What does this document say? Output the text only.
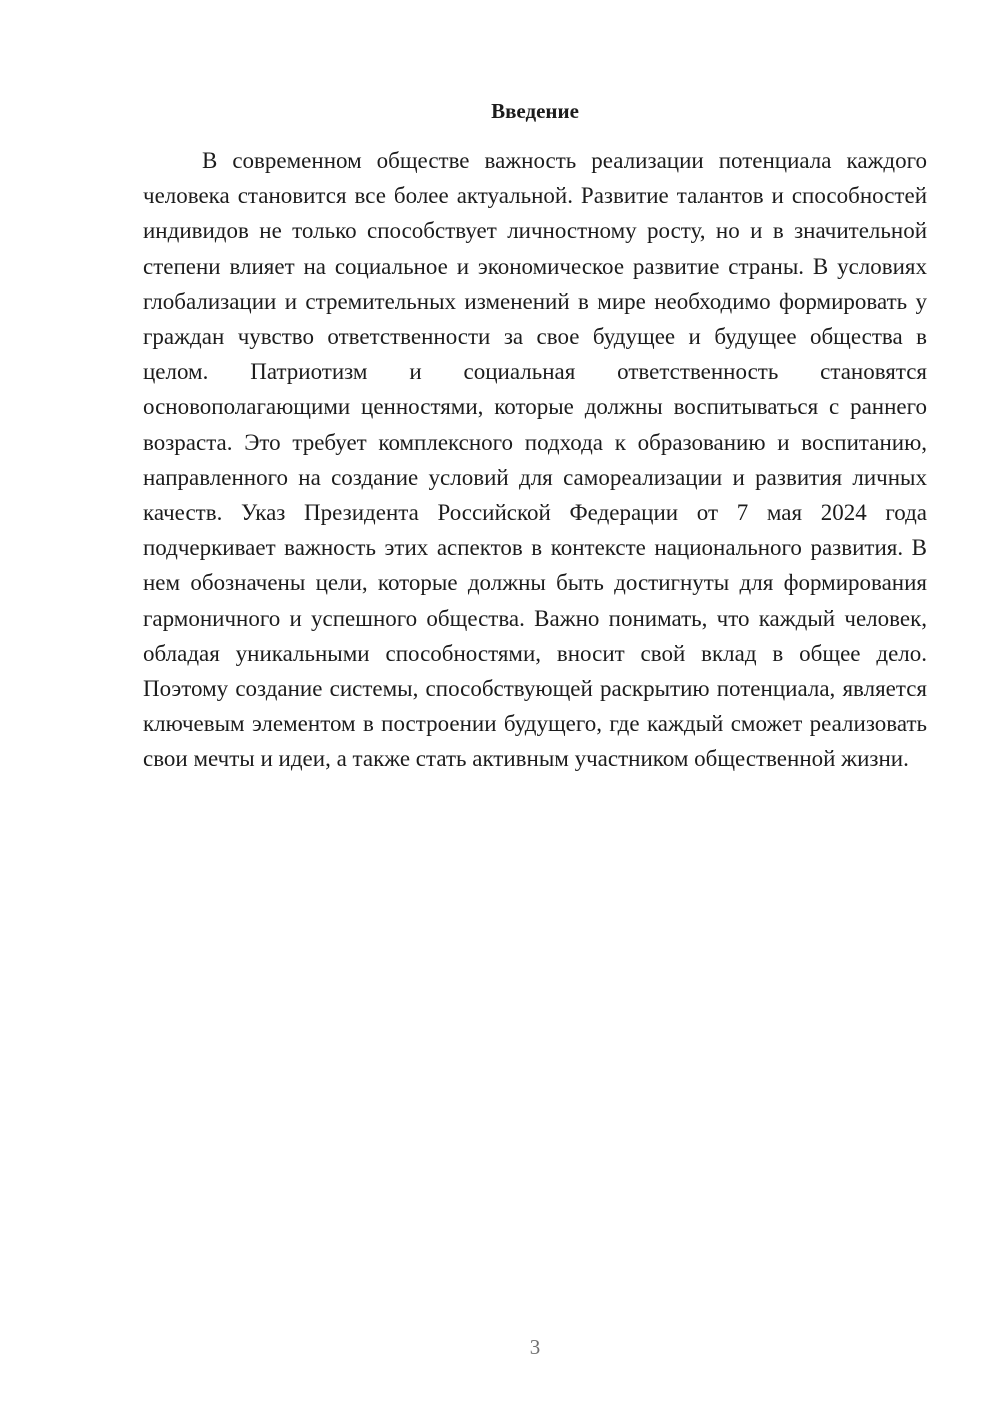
Введение

В современном обществе важность реализации потенциала каждого человека становится все более актуальной. Развитие талантов и способностей индивидов не только способствует личностному росту, но и в значительной степени влияет на социальное и экономическое развитие страны. В условиях глобализации и стремительных изменений в мире необходимо формировать у граждан чувство ответственности за свое будущее и будущее общества в целом. Патриотизм и социальная ответственность становятся основополагающими ценностями, которые должны воспитываться с раннего возраста. Это требует комплексного подхода к образованию и воспитанию, направленного на создание условий для самореализации и развития личных качеств. Указ Президента Российской Федерации от 7 мая 2024 года подчеркивает важность этих аспектов в контексте национального развития. В нем обозначены цели, которые должны быть достигнуты для формирования гармоничного и успешного общества. Важно понимать, что каждый человек, обладая уникальными способностями, вносит свой вклад в общее дело. Поэтому создание системы, способствующей раскрытию потенциала, является ключевым элементом в построении будущего, где каждый сможет реализовать свои мечты и идеи, а также стать активным участником общественной жизни.

3
